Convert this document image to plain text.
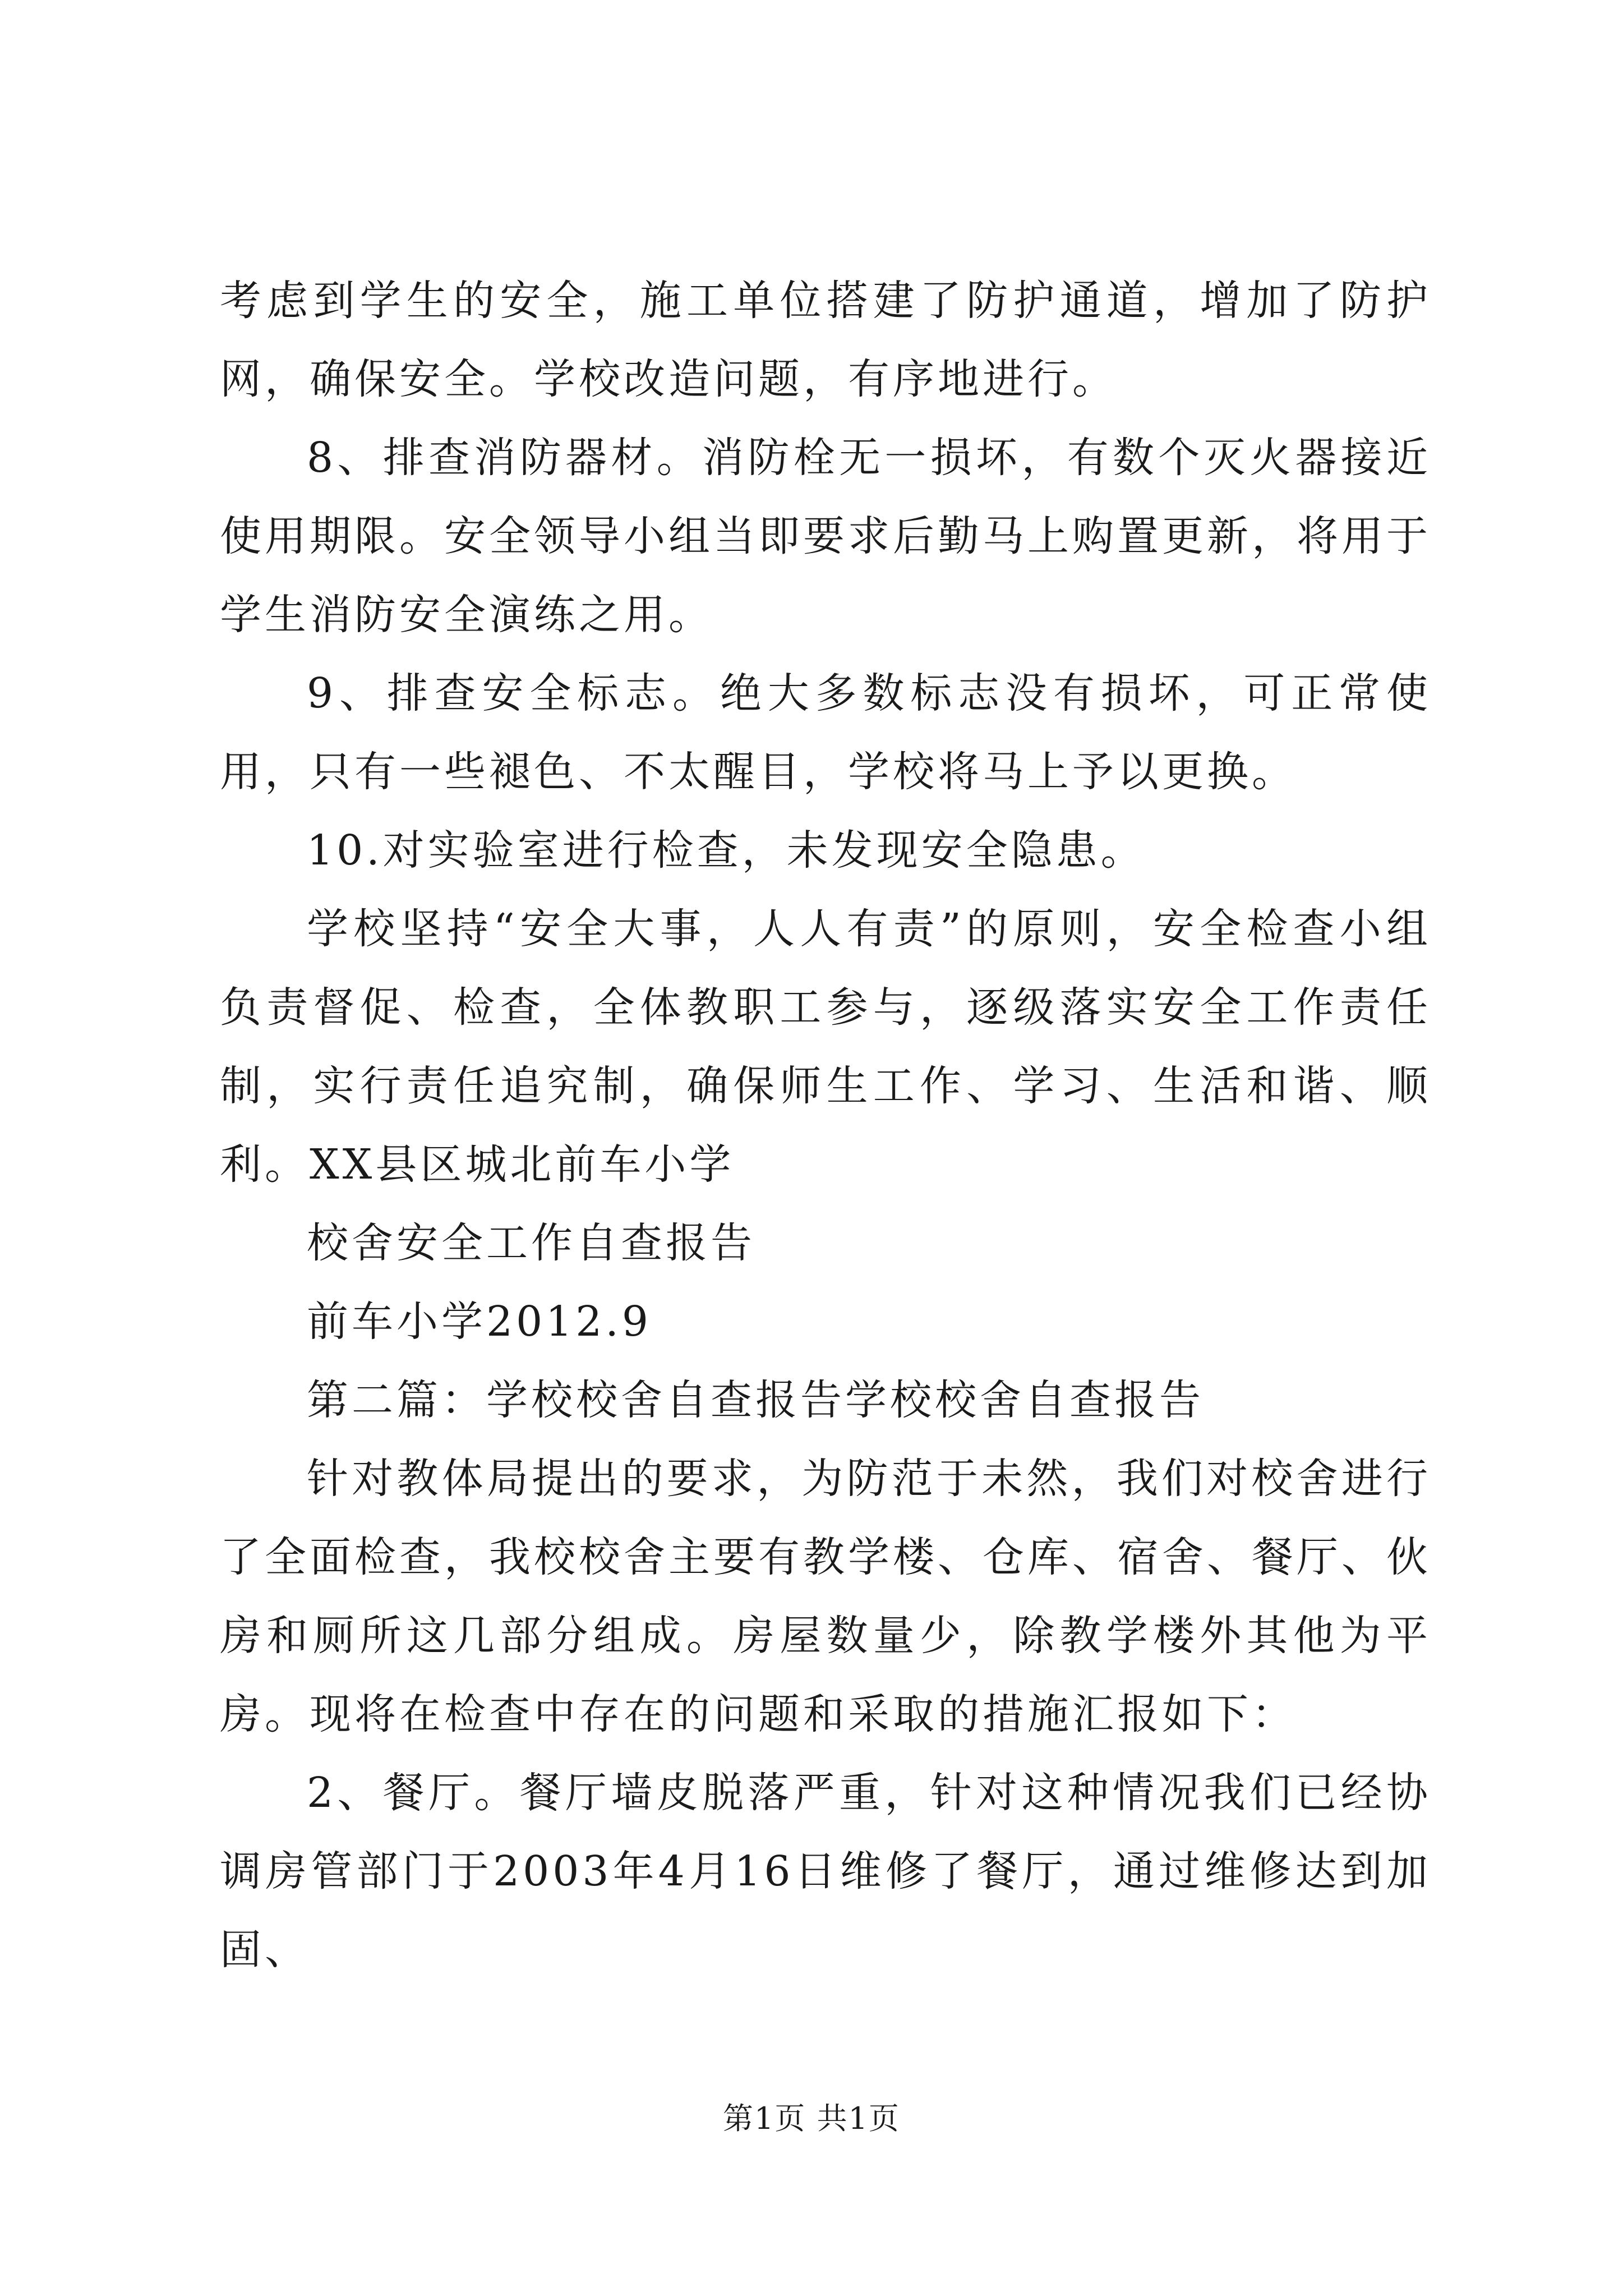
考虑到学生的安全，施工单位搭建了防护通道，增加了防护网，确保安全。学校改造问题，有序地进行。

8、排查消防器材。消防栓无一损坏，有数个灭火器接近使用期限。安全领导小组当即要求后勤马上购置更新，将用于学生消防安全演练之用。

9、排查安全标志。绝大多数标志没有损坏，可正常使用，只有一些褪色、不太醒目，学校将马上予以更换。

10.对实验室进行检查，未发现安全隐患。

学校坚持“安全大事，人人有责”的原则，安全检查小组负责督促、检查，全体教职工参与，逐级落实安全工作责任制，实行责任追究制，确保师生工作、学习、生活和谐、顺利。XX县区城北前车小学

校舍安全工作自查报告

前车小学2012.9

第二篇：学校校舍自查报告学校校舍自查报告

针对教体局提出的要求，为防范于未然，我们对校舍进行了全面检查，我校校舍主要有教学楼、仓库、宿舍、餐厅、伙房和厕所这几部分组成。房屋数量少，除教学楼外其他为平房。现将在检查中存在的问题和采取的措施汇报如下：

2、餐厅。餐厅墙皮脱落严重，针对这种情况我们已经协调房管部门于2003年4月16日维修了餐厅，通过维修达到加固、

第1页 共1页
